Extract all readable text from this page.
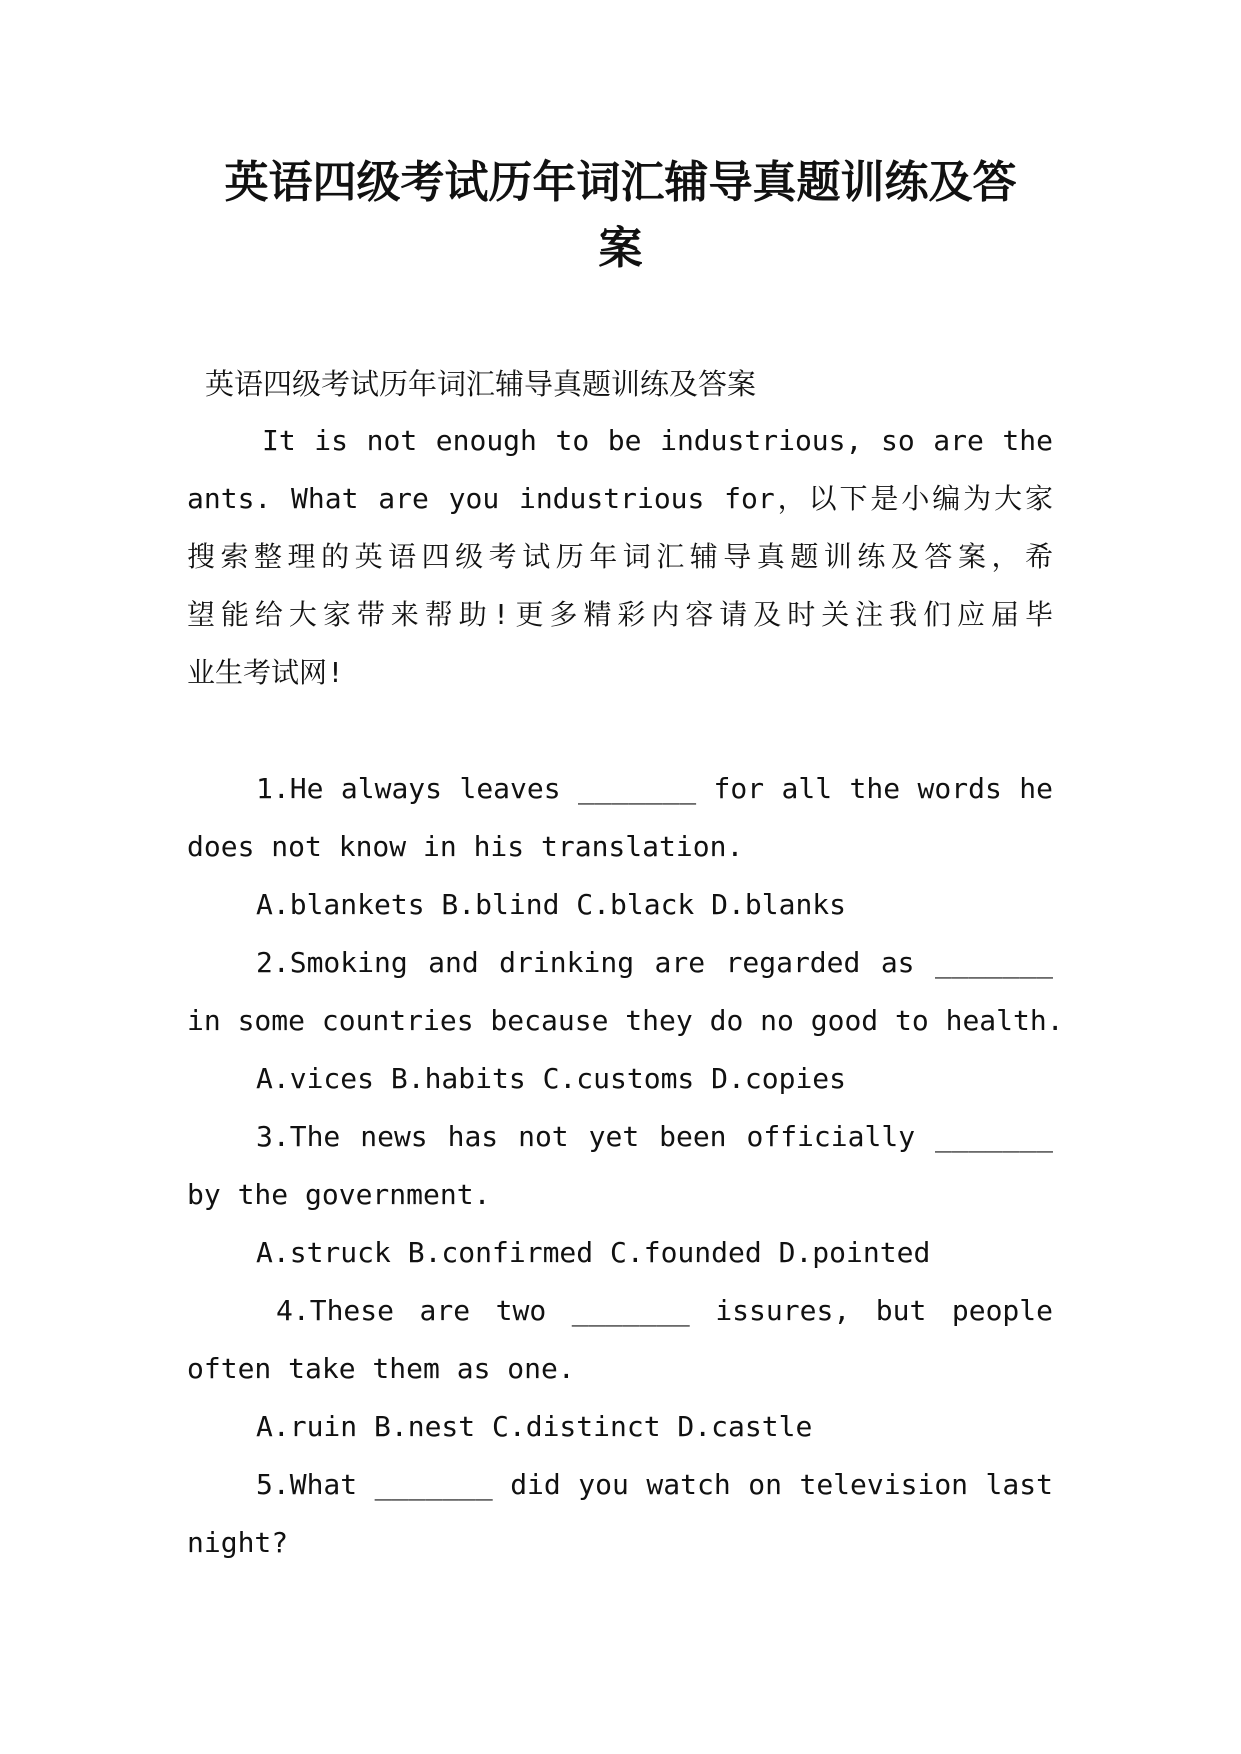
英语四级考试历年词汇辅导真题训练及答
案

英语四级考试历年词汇辅导真题训练及答案

It is not enough to be industrious, so are the

ants. What are you industrious for，以下是小编为大家

搜索整理的英语四级考试历年词汇辅导真题训练及答案，希

望能给大家带来帮助!更多精彩内容请及时关注我们应届毕

业生考试网!

1.He always leaves _______ for all the words he

does not know in his translation.

A.blankets B.blind C.black D.blanks

2.Smoking and drinking are regarded as _______

in some countries because they do no good to health.

A.vices B.habits C.customs D.copies

3.The news has not yet been officially _______

by the government.

A.struck B.confirmed C.founded D.pointed

4.These are two _______ issures, but people

often take them as one.

A.ruin B.nest C.distinct D.castle

5.What _______ did you watch on television last

night?
